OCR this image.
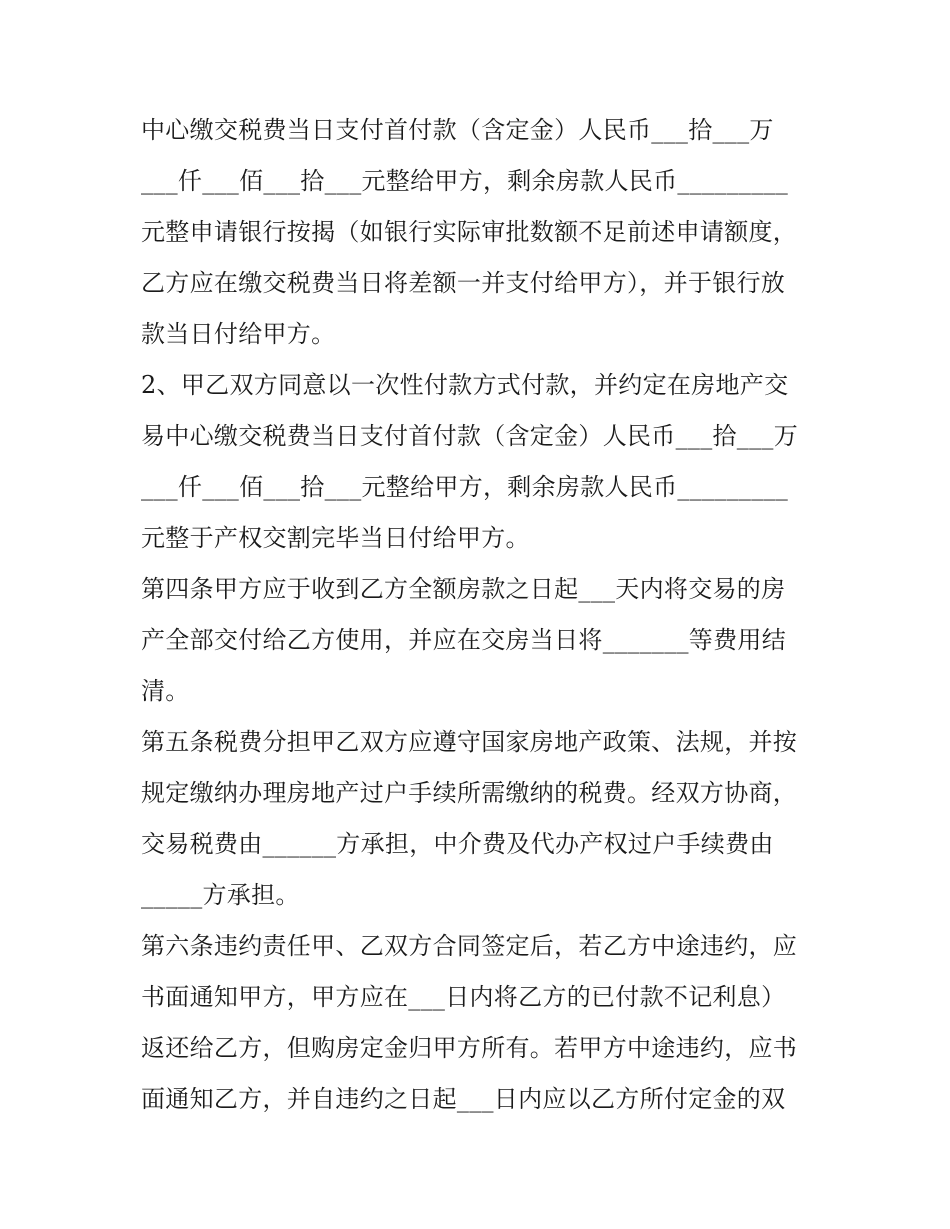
中心缴交税费当日支付首付款（含定金）人民币___拾___万
___仟___佰___拾___元整给甲方，剩余房款人民币_________
元整申请银行按揭（如银行实际审批数额不足前述申请额度，
乙方应在缴交税费当日将差额一并支付给甲方），并于银行放
款当日付给甲方。
2、甲乙双方同意以一次性付款方式付款，并约定在房地产交
易中心缴交税费当日支付首付款（含定金）人民币___拾___万
___仟___佰___拾___元整给甲方，剩余房款人民币_________
元整于产权交割完毕当日付给甲方。
第四条甲方应于收到乙方全额房款之日起___天内将交易的房
产全部交付给乙方使用，并应在交房当日将_______等费用结
清。
第五条税费分担甲乙双方应遵守国家房地产政策、法规，并按
规定缴纳办理房地产过户手续所需缴纳的税费。经双方协商，
交易税费由______方承担，中介费及代办产权过户手续费由
_____方承担。
第六条违约责任甲、乙双方合同签定后，若乙方中途违约，应
书面通知甲方，甲方应在___日内将乙方的已付款不记利息）
返还给乙方，但购房定金归甲方所有。若甲方中途违约，应书
面通知乙方，并自违约之日起___日内应以乙方所付定金的双
